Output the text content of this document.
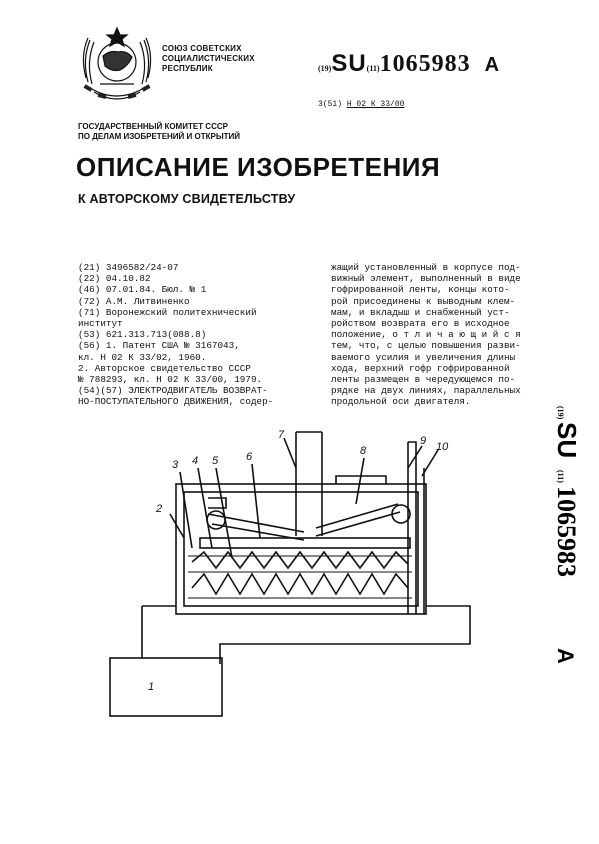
СОЮЗ СОВЕТСКИХ
СОЦИАЛИСТИЧЕСКИХ
РЕСПУБЛИК	(19)SU(11)1065983 A
3(51) Н 02 К 33/00
ГОСУДАРСТВЕННЫЙ КОМИТЕТ СССР
ПО ДЕЛАМ ИЗОБРЕТЕНИЙ И ОТКРЫТИЙ
ОПИСАНИЕ ИЗОБРЕТЕНИЯ
К АВТОРСКОМУ СВИДЕТЕЛЬСТВУ
(21) 3496582/24-07
(22) 04.10.82
(46) 07.01.84. Бюл. № 1
(72) А.М. Литвиненко
(71) Воронежский политехнический
институт
(53) 621.313.713(088.8)
(56) 1. Патент США № 3167043,
кл. Н 02 К 33/02, 1960.
2. Авторское свидетельство СССР
№ 788293, кл. Н 02 К 33/00, 1979.
(54)(57) ЭЛЕКТРОДВИГАТЕЛЬ ВОЗВРАТ-
НО-ПОСТУПАТЕЛЬНОГО ДВИЖЕНИЯ, содер-
жащий установленный в корпусе под-
вижный элемент, выполненный в виде
гофрированной ленты, концы кото-
рой присоединены к выводным клем-
мам, и вкладыш и снабженный уст-
ройством возврата его в исходное
положение, о т л и ч а ю щ и й с я
тем, что, с целью повышения разви-
ваемого усилия и увеличения длины
хода, верхний гофр гофрированной
ленты размещен в чередующемся по-
рядке на двух линиях, параллельных
продольной оси двигателя.
(19)
SU
(11)
1065983
A
1
2
3 4 5	6
7
8
9 10
